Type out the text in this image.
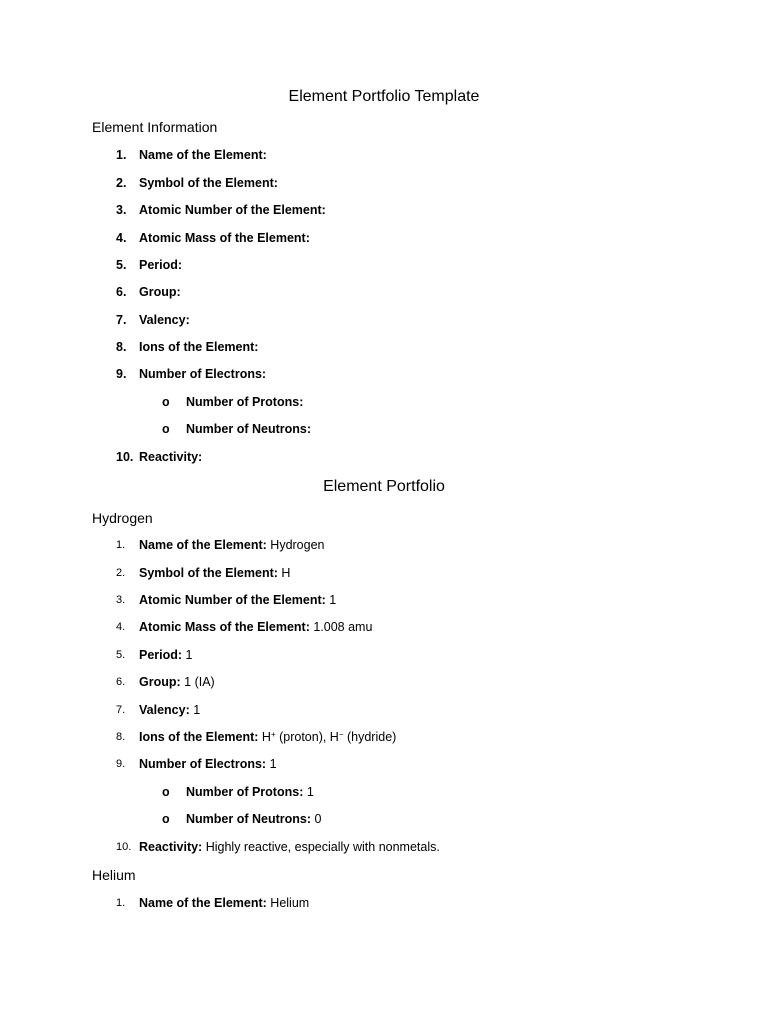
Element Portfolio Template
Element Information
1. Name of the Element:
2. Symbol of the Element:
3. Atomic Number of the Element:
4. Atomic Mass of the Element:
5. Period:
6. Group:
7. Valency:
8. Ions of the Element:
9. Number of Electrons:
o Number of Protons:
o Number of Neutrons:
10. Reactivity:
Element Portfolio
Hydrogen
1. Name of the Element: Hydrogen
2. Symbol of the Element: H
3. Atomic Number of the Element: 1
4. Atomic Mass of the Element: 1.008 amu
5. Period: 1
6. Group: 1 (IA)
7. Valency: 1
8. Ions of the Element: H+ (proton), H− (hydride)
9. Number of Electrons: 1
o Number of Protons: 1
o Number of Neutrons: 0
10. Reactivity: Highly reactive, especially with nonmetals.
Helium
1. Name of the Element: Helium
